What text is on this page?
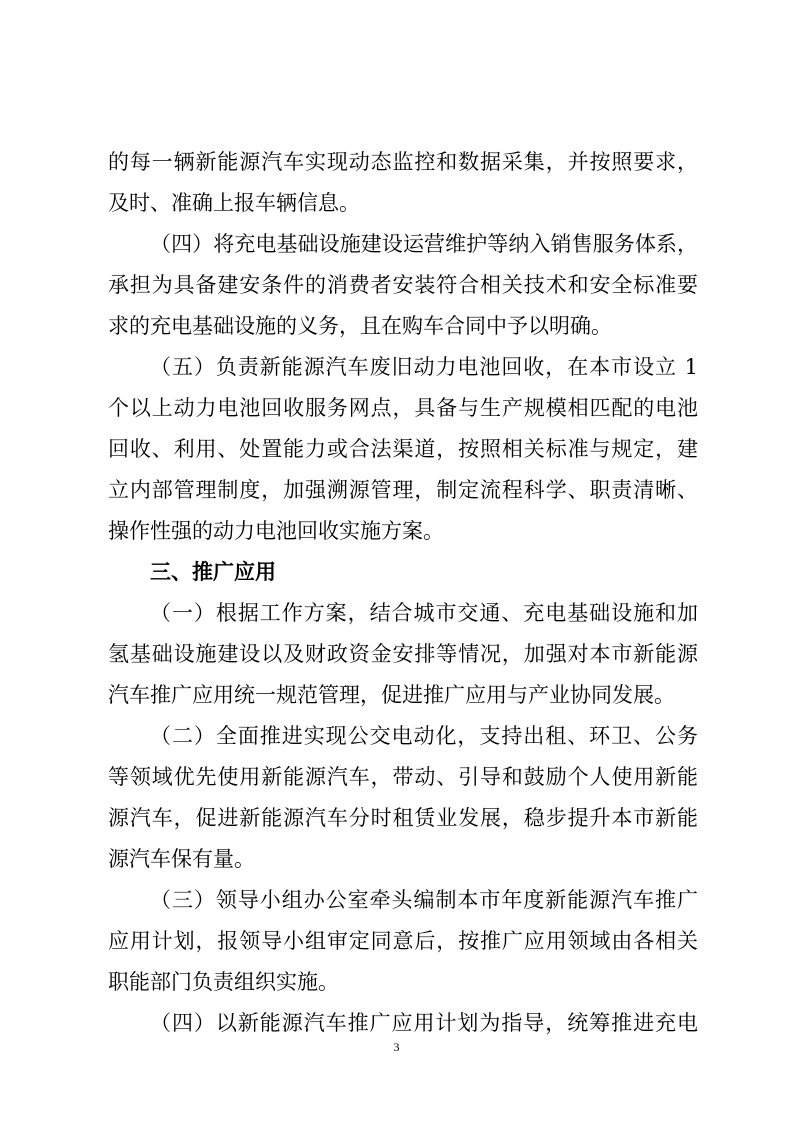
的每一辆新能源汽车实现动态监控和数据采集，并按照要求，
及时、准确上报车辆信息。
（四）将充电基础设施建设运营维护等纳入销售服务体系，
承担为具备建安条件的消费者安装符合相关技术和安全标准要
求的充电基础设施的义务，且在购车合同中予以明确。
（五）负责新能源汽车废旧动力电池回收，在本市设立 1
个以上动力电池回收服务网点，具备与生产规模相匹配的电池
回收、利用、处置能力或合法渠道，按照相关标准与规定，建
立内部管理制度，加强溯源管理，制定流程科学、职责清晰、
操作性强的动力电池回收实施方案。
三、推广应用
（一）根据工作方案，结合城市交通、充电基础设施和加
氢基础设施建设以及财政资金安排等情况，加强对本市新能源
汽车推广应用统一规范管理，促进推广应用与产业协同发展。
（二）全面推进实现公交电动化，支持出租、环卫、公务
等领域优先使用新能源汽车，带动、引导和鼓励个人使用新能
源汽车，促进新能源汽车分时租赁业发展，稳步提升本市新能
源汽车保有量。
（三）领导小组办公室牵头编制本市年度新能源汽车推广
应用计划，报领导小组审定同意后，按推广应用领域由各相关
职能部门负责组织实施。
（四）以新能源汽车推广应用计划为指导，统筹推进充电
3
